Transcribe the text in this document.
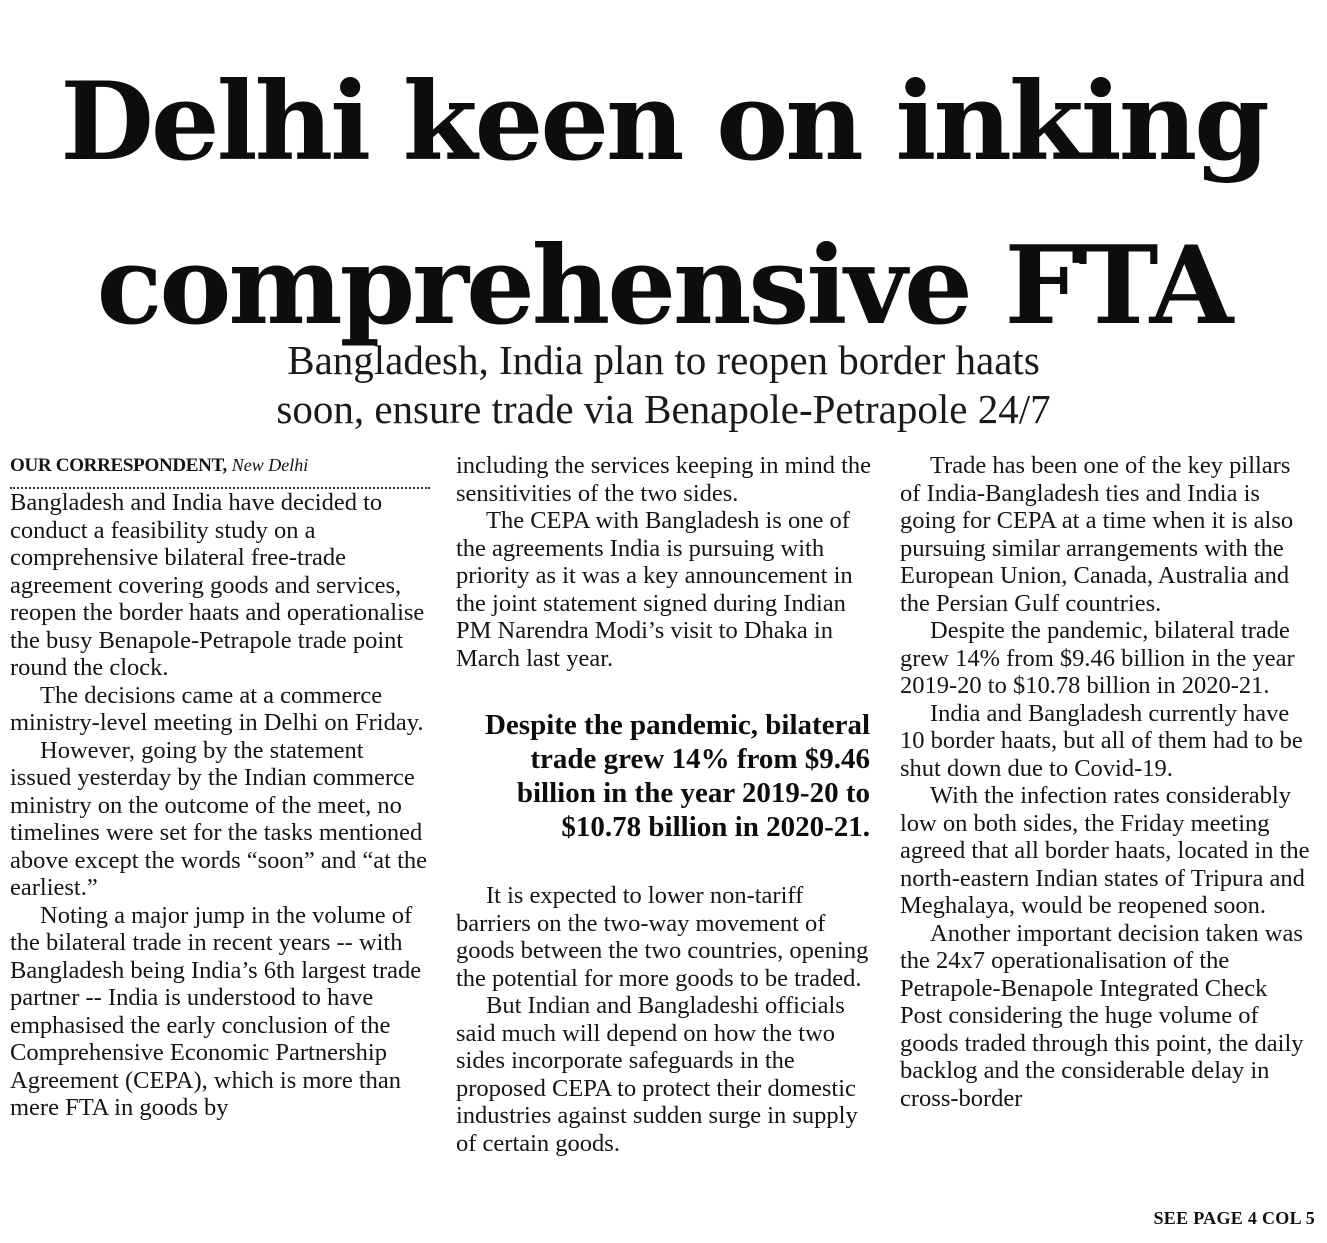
Delhi keen on inking
comprehensive FTA
Bangladesh, India plan to reopen border haats
soon, ensure trade via Benapole-Petrapole 24/7

OUR CORRESPONDENT, New Delhi

Bangladesh and India have decided to conduct a feasibility study on a comprehensive bilateral free-trade agreement covering goods and services, reopen the border haats and operationalise the busy Benapole-Petrapole trade point round the clock.

The decisions came at a commerce ministry-level meeting in Delhi on Friday.

However, going by the statement issued yesterday by the Indian commerce ministry on the outcome of the meet, no timelines were set for the tasks mentioned above except the words “soon” and “at the earliest.”

Noting a major jump in the volume of the bilateral trade in recent years -- with Bangladesh being India’s 6th largest trade partner -- India is understood to have emphasised the early conclusion of the Comprehensive Economic Partnership Agreement (CEPA), which is more than mere FTA in goods by

including the services keeping in mind the sensitivities of the two sides.

The CEPA with Bangladesh is one of the agreements India is pursuing with priority as it was a key announcement in the joint statement signed during Indian PM Narendra Modi’s visit to Dhaka in March last year.

Despite the pandemic, bilateral trade grew 14% from $9.46 billion in the year 2019-20 to $10.78 billion in 2020-21.

It is expected to lower non-tariff barriers on the two-way movement of goods between the two countries, opening the potential for more goods to be traded.

But Indian and Bangladeshi officials said much will depend on how the two sides incorporate safeguards in the proposed CEPA to protect their domestic industries against sudden surge in supply of certain goods.

Trade has been one of the key pillars of India-Bangladesh ties and India is going for CEPA at a time when it is also pursuing similar arrangements with the European Union, Canada, Australia and the Persian Gulf countries.

Despite the pandemic, bilateral trade grew 14% from $9.46 billion in the year 2019-20 to $10.78 billion in 2020-21.

India and Bangladesh currently have 10 border haats, but all of them had to be shut down due to Covid-19.

With the infection rates considerably low on both sides, the Friday meeting agreed that all border haats, located in the north-eastern Indian states of Tripura and Meghalaya, would be reopened soon.

Another important decision taken was the 24x7 operationalisation of the Petrapole-Benapole Integrated Check Post considering the huge volume of goods traded through this point, the daily backlog and the considerable delay in cross-border

SEE PAGE 4 COL 5
